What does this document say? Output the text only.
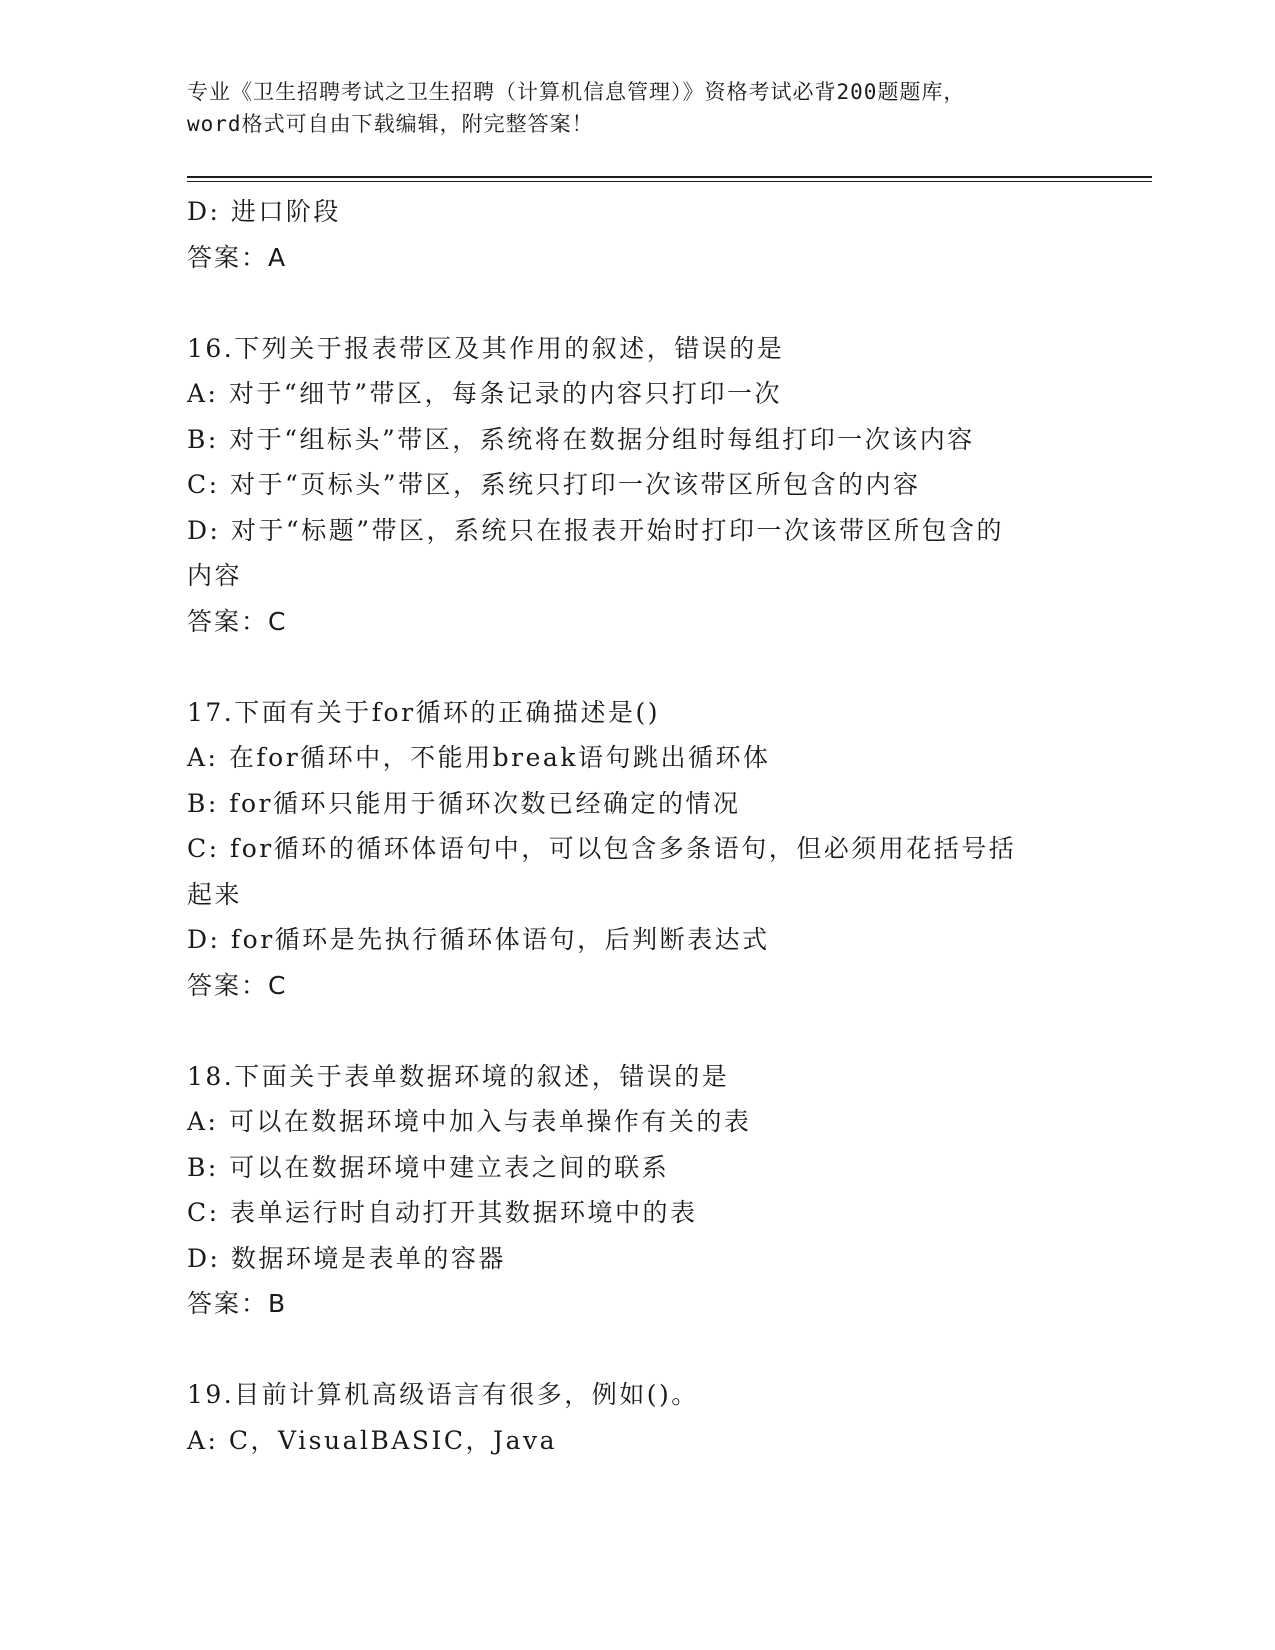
专业《卫生招聘考试之卫生招聘（计算机信息管理）》资格考试必背200题题库，
word格式可自由下载编辑，附完整答案！
D: 进口阶段
答案：A
16.下列关于报表带区及其作用的叙述，错误的是
A: 对于“细节”带区，每条记录的内容只打印一次
B: 对于“组标头”带区，系统将在数据分组时每组打印一次该内容
C: 对于“页标头”带区，系统只打印一次该带区所包含的内容
D: 对于“标题”带区，系统只在报表开始时打印一次该带区所包含的
内容
答案：C
17.下面有关于for循环的正确描述是()
A: 在for循环中，不能用break语句跳出循环体
B: for循环只能用于循环次数已经确定的情况
C: for循环的循环体语句中，可以包含多条语句，但必须用花括号括
起来
D: for循环是先执行循环体语句，后判断表达式
答案：C
18.下面关于表单数据环境的叙述，错误的是
A: 可以在数据环境中加入与表单操作有关的表
B: 可以在数据环境中建立表之间的联系
C: 表单运行时自动打开其数据环境中的表
D: 数据环境是表单的容器
答案：B
19.目前计算机高级语言有很多，例如()。
A: C，VisualBASIC，Java
